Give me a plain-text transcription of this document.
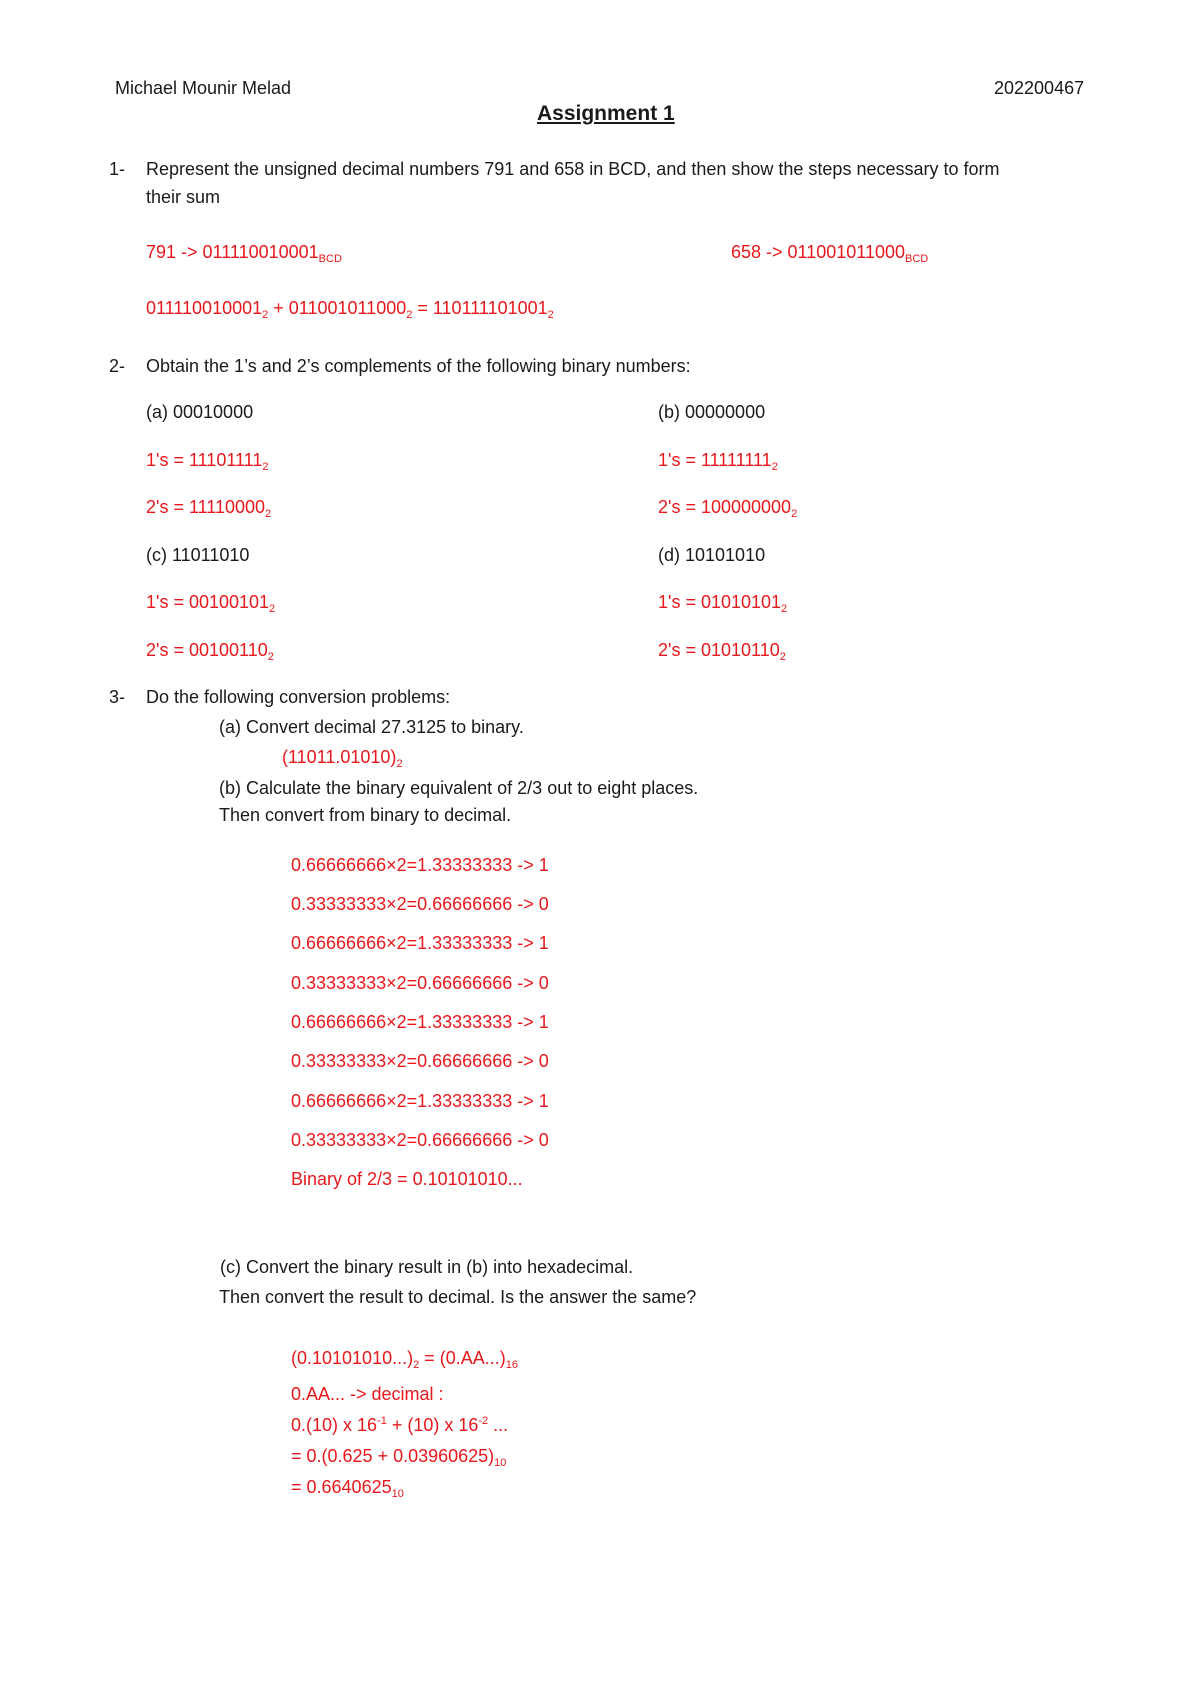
Michael Mounir Melad	202200467
Assignment 1
1- Represent the unsigned decimal numbers 791 and 658 in BCD, and then show the steps necessary to form
their sum
$791 -> 011110010001_{BCD}$	$658 -> 011001011000_{BCD}$
$011110010001_2 + 011001011000_2 = 110111101001_2$
2- Obtain the 1’s and 2’s complements of the following binary numbers:
(a) 00010000	(b) 00000000
$1's = 11101111_2$	$1's = 11111111_2$
$2's = 11110000_2$	$2's = 100000000_2$
(c) 11011010	(d) 10101010
$1's = 00100101_2$	$1's = 01010101_2$
$2's = 00100110_2$	$2's = 01010110_2$
3- Do the following conversion problems:
(a) Convert decimal 27.3125 to binary.
$(11011.01010)_2$
(b) Calculate the binary equivalent of 2/3 out to eight places.
Then convert from binary to decimal.
0.66666666×2=1.33333333 -> 1
0.33333333×2=0.66666666 -> 0
0.66666666×2=1.33333333 -> 1
0.33333333×2=0.66666666 -> 0
0.66666666×2=1.33333333 -> 1
0.33333333×2=0.66666666 -> 0
0.66666666×2=1.33333333 -> 1
0.33333333×2=0.66666666 -> 0
Binary of 2/3 = 0.10101010...
(c) Convert the binary result in (b) into hexadecimal.
Then convert the result to decimal. Is the answer the same?
$(0.10101010...)_2 = (0.AA...)_{16}$
0.AA... -> decimal :
0.(10) x $16^{-1} + (10)$ x $16^{-2}$ ...
= $0.(0.625 + 0.03960625)_{10}$
= $0.6640625_{10}$
